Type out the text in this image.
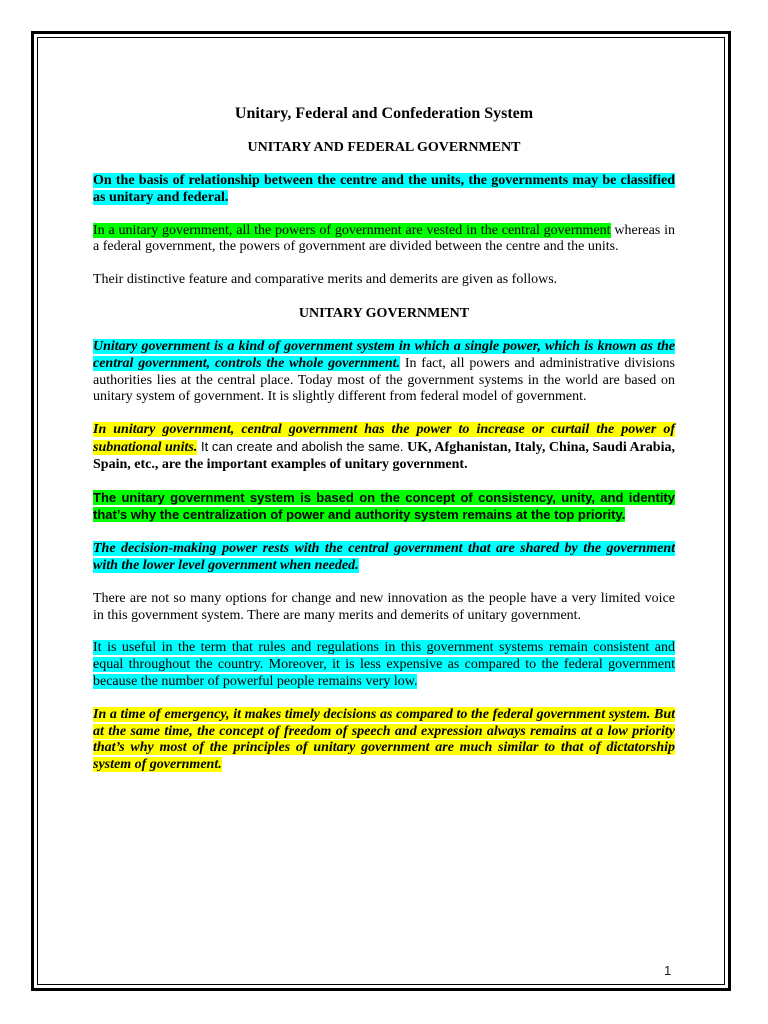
Unitary, Federal and Confederation System
UNITARY AND FEDERAL GOVERNMENT

On the basis of relationship between the centre and the units, the governments may be classified as unitary and federal.

In a unitary government, all the powers of government are vested in the central government whereas in a federal government, the powers of government are divided between the centre and the units.

Their distinctive feature and comparative merits and demerits are given as follows.

UNITARY GOVERNMENT

Unitary government is a kind of government system in which a single power, which is known as the central government, controls the whole government. In fact, all powers and administrative divisions authorities lies at the central place. Today most of the government systems in the world are based on unitary system of government. It is slightly different from federal model of government.

In unitary government, central government has the power to increase or curtail the power of subnational units. It can create and abolish the same. UK, Afghanistan, Italy, China, Saudi Arabia, Spain, etc., are the important examples of unitary government.

The unitary government system is based on the concept of consistency, unity, and identity that’s why the centralization of power and authority system remains at the top priority.

The decision-making power rests with the central government that are shared by the government with the lower level government when needed.

There are not so many options for change and new innovation as the people have a very limited voice in this government system. There are many merits and demerits of unitary government.

It is useful in the term that rules and regulations in this government systems remain consistent and equal throughout the country. Moreover, it is less expensive as compared to the federal government because the number of powerful people remains very low.

In a time of emergency, it makes timely decisions as compared to the federal government system. But at the same time, the concept of freedom of speech and expression always remains at a low priority that’s why most of the principles of unitary government are much similar to that of dictatorship system of government.

1
